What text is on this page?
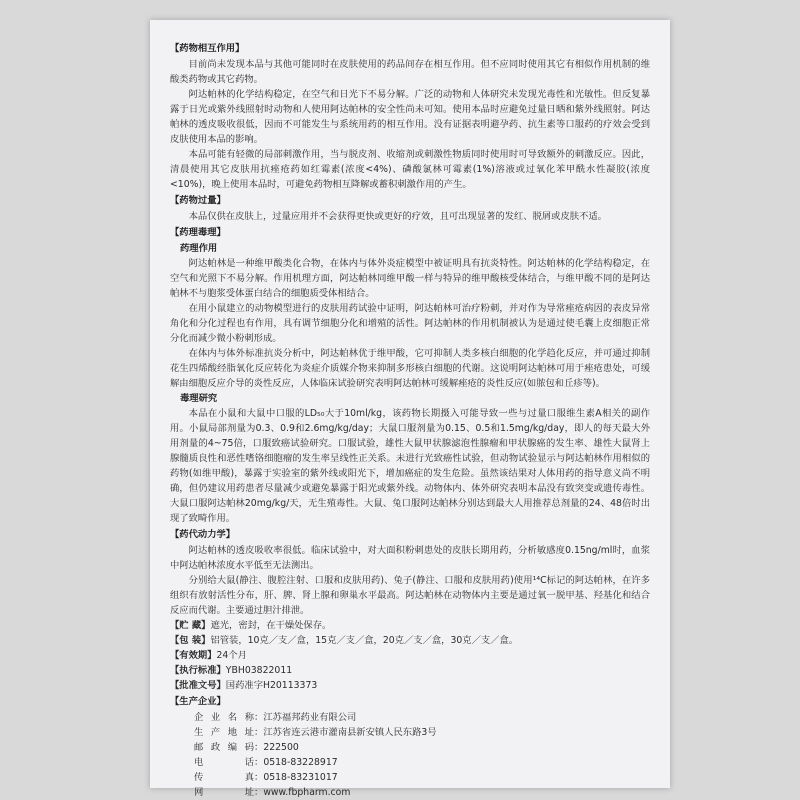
【药物相互作用】

目前尚未发现本品与其他可能同时在皮肤使用的药品间存在相互作用。但不应同时使用其它有相似作用机制的维酸类药物或其它药物。

阿达帕林的化学结构稳定，在空气和日光下不易分解。广泛的动物和人体研究未发现光毒性和光敏性。但反复暴露于日光或紫外线照射时动物和人使用阿达帕林的安全性尚未可知。使用本品时应避免过量日晒和紫外线照射。阿达帕林的透皮吸收很低，因而不可能发生与系统用药的相互作用。没有证据表明避孕药、抗生素等口服药的疗效会受到皮肤使用本品的影响。

本品可能有轻微的局部刺激作用，当与脱皮剂、收缩剂或刺激性物质同时使用时可导致额外的刺激反应。因此，清晨使用其它皮肤用抗痤疮药如红霉素(浓度<4%)、磷酸氯林可霉素(1%)溶液或过氧化苯甲酰水性凝胶(浓度<10%)，晚上使用本品时，可避免药物相互降解或蓄积刺激作用的产生。

【药物过量】

本品仅供在皮肤上，过量应用并不会获得更快或更好的疗效，且可出现显著的发红、脱屑或皮肤不适。

【药理毒理】
药理作用

阿达帕林是一种维甲酸类化合物，在体内与体外炎症模型中被证明具有抗炎特性。阿达帕林的化学结构稳定，在空气和光照下不易分解。作用机理方面，阿达帕林同维甲酸一样与特异的维甲酸核受体结合，与维甲酸不同的是阿达帕林不与胞浆受体蛋白结合的细胞质受体相结合。

在用小鼠建立的动物模型进行的皮肤用药试验中证明，阿达帕林可治疗粉刺，并对作为导常痤疮病因的表皮异常角化和分化过程也有作用，具有调节细胞分化和增殖的活性。阿达帕林的作用机制被认为是通过使毛囊上皮细胞正常分化而减少微小粉刺形成。

在体内与体外标准抗炎分析中，阿达帕林优于维甲酸，它可抑制人类多核白细胞的化学趋化反应，并可通过抑制花生四烯酸经脂氧化反应转化为炎症介质媒介物来抑制多形核白细胞的代谢。这说明阿达帕林可用于痤疮患处，可缓解由细胞反应介导的炎性反应，人体临床试验研究表明阿达帕林可缓解痤疮的炎性反应(如脓包和丘疹等)。

毒理研究

本品在小鼠和大鼠中口服的LD₅₀大于10ml/kg，该药物长期摄入可能导致一些与过量口服维生素A相关的副作用。小鼠局部剂量为0.3、0.9和2.6mg/kg/day；大鼠口服剂量为0.15、0.5和1.5mg/kg/day，即人的每天最大外用剂量的4~75倍，口服致癌试验研究。口服试验，雄性大鼠甲状腺滤泡性腺瘤和甲状腺癌的发生率、雄性大鼠肾上腺髓质良性和恶性嗜铬细胞瘤的发生率呈线性正关系。未进行光致癌性试验，但动物试验显示与阿达帕林作用相似的药物(如维甲酸)，暴露于实验室的紫外线或阳光下，增加癌症的发生危险。虽然该结果对人体用药的指导意义尚不明确，但仍建议用药患者尽量减少或避免暴露于阳光或紫外线。动物体内、体外研究表明本品没有致突变或遗传毒性。大鼠口服阿达帕林20mg/kg/天，无生殖毒性。大鼠、兔口服阿达帕林分别达到最大人用推荐总剂量的24、48倍时出现了致畸作用。

【药代动力学】

阿达帕林的透皮吸收率很低。临床试验中，对大面积粉刺患处的皮肤长期用药，分析敏感度0.15ng/ml时，血浆中阿达帕林浓度水平低至无法测出。

分别给大鼠(静注、腹腔注射、口服和皮肤用药)、兔子(静注、口服和皮肤用药)使用¹⁴C标记的阿达帕林，在许多组织有放射活性分布，肝、脾、肾上腺和卵巢水平最高。阿达帕林在动物体内主要是通过氧一脱甲基、羟基化和结合反应而代谢。主要通过胆汁排泄。

【贮 藏】遮光，密封，在干燥处保存。

【包 装】铝管装，10克／支／盒，15克／支／盒，20克／支／盒，30克／支／盒。

【有效期】24个月

【执行标准】YBH03822011

【批准文号】国药准字H20113373

【生产企业】

企业名称：江苏福邦药业有限公司

生产地址：江苏省连云港市灌南县新安镇人民东路3号

邮政编码：222500

电话：0518-83228917

传真：0518-83231017

网址：www.fbpharm.com
